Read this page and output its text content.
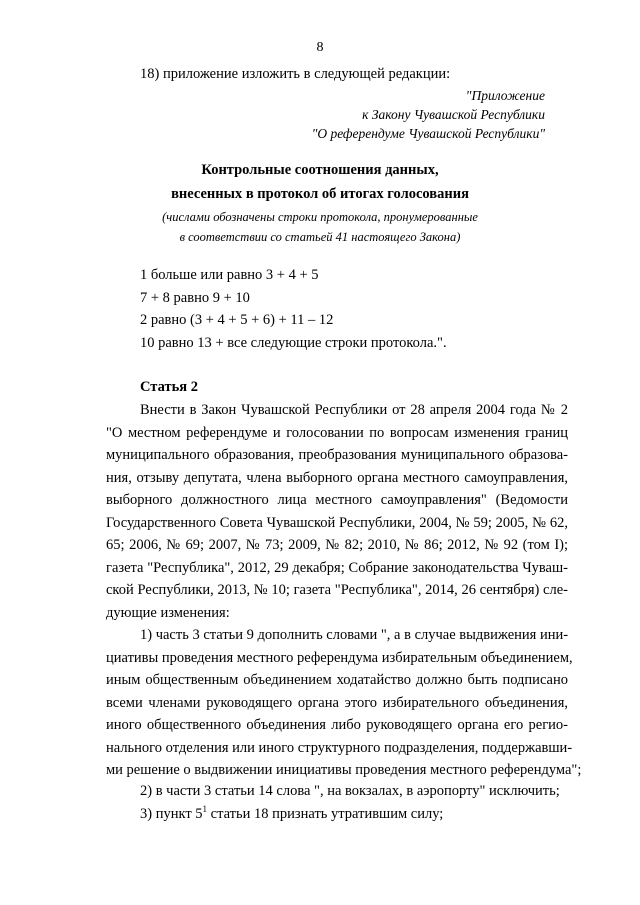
8
18) приложение изложить в следующей редакции:
"Приложение
к Закону Чувашской Республики
"О референдуме Чувашской Республики"
Контрольные соотношения данных,
внесенных в протокол об итогах голосования
(числами обозначены строки протокола, пронумерованные
в соответствии со статьей 41 настоящего Закона)
1 больше или равно 3 + 4 + 5
7 + 8 равно 9 + 10
2 равно (3 + 4 + 5 + 6) + 11 – 12
10 равно 13 + все следующие строки протокола.".
Статья 2
Внести в Закон Чувашской Республики от 28 апреля 2004 года № 2
"О местном референдуме и голосовании по вопросам изменения границ
муниципального образования, преобразования муниципального образова-
ния, отзыву депутата, члена выборного органа местного самоуправления,
выборного должностного лица местного самоуправления" (Ведомости
Государственного Совета Чувашской Республики, 2004, № 59; 2005, № 62,
65; 2006, № 69; 2007, № 73; 2009, № 82; 2010, № 86; 2012, № 92 (том I);
газета "Республика", 2012, 29 декабря; Собрание законодательства Чуваш-
ской Республики, 2013, № 10; газета "Республика", 2014, 26 сентября) сле-
дующие изменения:
1) часть 3 статьи 9 дополнить словами ", а в случае выдвижения ини-
циативы проведения местного референдума избирательным объединением,
иным общественным объединением ходатайство должно быть подписано
всеми членами руководящего органа этого избирательного объединения,
иного общественного объединения либо руководящего органа его регио-
нального отделения или иного структурного подразделения, поддержавши-
ми решение о выдвижении инициативы проведения местного референдума";
2) в части 3 статьи 14 слова ", на вокзалах, в аэропорту" исключить;
3) пункт $5^1$ статьи 18 признать утратившим силу;
